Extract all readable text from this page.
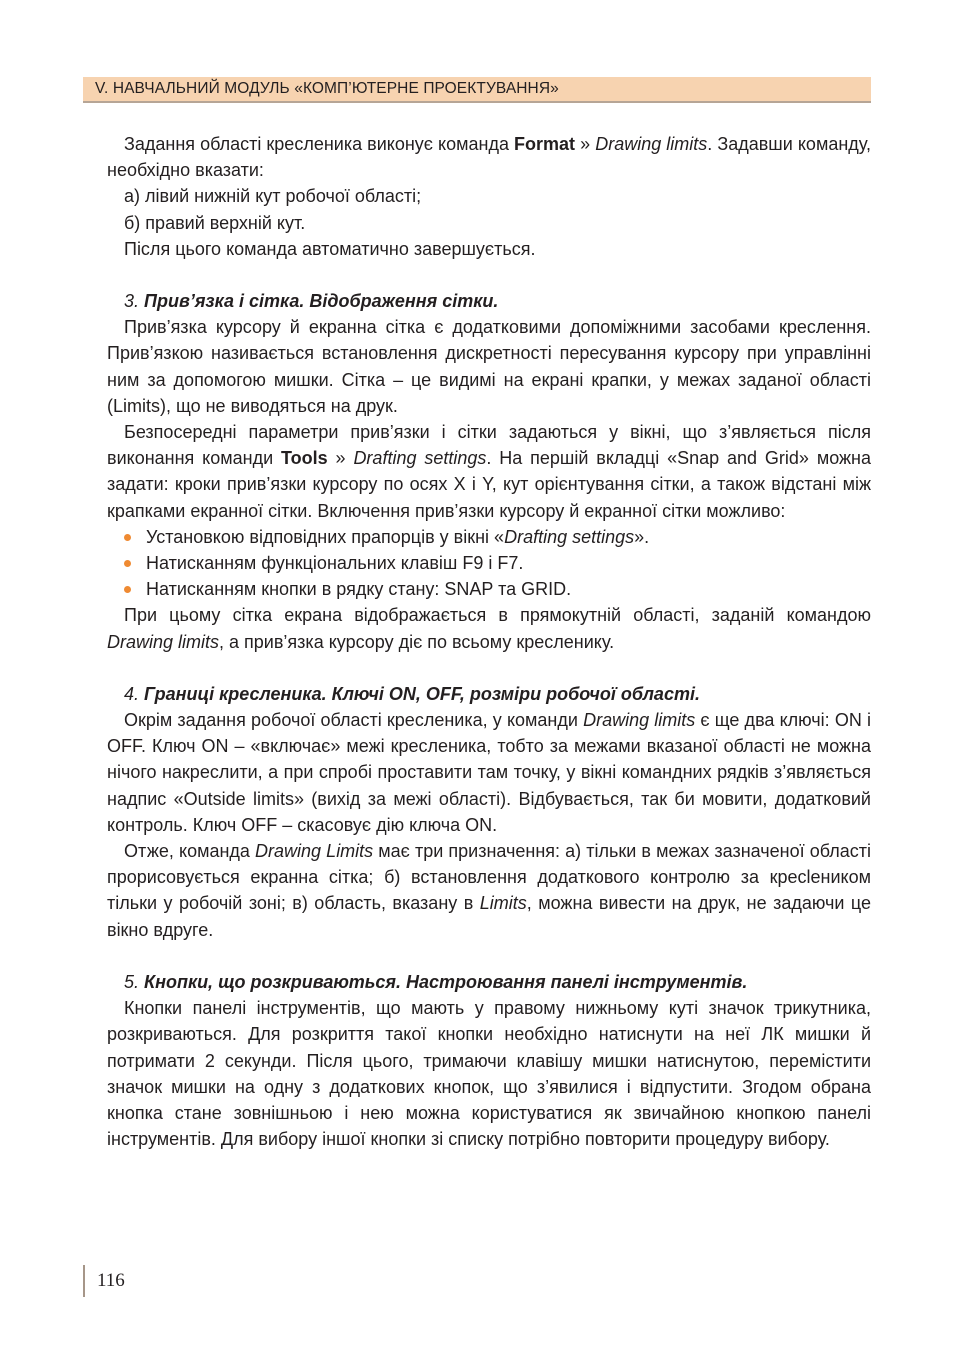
V. НАВЧАЛЬНИЙ МОДУЛЬ «КОМП’ЮТЕРНЕ ПРОЕКТУВАННЯ»

Задання області кресленика виконує команда Format » Drawing limits. Задавши команду, необхідно вказати:

а) лівий нижній кут робочої області;

б) правий верхній кут.

Після цього команда автоматично завершується.

3. Прив’язка і сітка. Відображення сітки.

Прив’язка курсору й екранна сітка є додатковими допоміжними засобами креслення. Прив’язкою називається встановлення дискретності пересування курсору при управлінні ним за допомогою мишки. Сітка – це видимі на екрані крапки, у межах заданої області (Limits), що не виводяться на друк.

Безпосередні параметри прив’язки і сітки задаються у вікні, що з’являється після виконання команди Tools » Drafting settings. На першій вкладці «Snap and Grid» можна задати: кроки прив’язки курсору по осях X і Y, кут орієнтування сітки, а також відстані між крапками екранної сітки. Включення прив’язки курсору й екранної сітки можливо:

Установкою відповідних прапорців у вікні «Drafting settings».
Натисканням функціональних клавіш F9 і F7.
Натисканням кнопки в рядку стану: SNAP та GRID.

При цьому сітка екрана відображається в прямокутній області, заданій командою Drawing limits, а прив’язка курсору діє по всьому кресленику.

4. Границі кресленика. Ключі ON, OFF, розміри робочої області.

Окрім задання робочої області кресленика, у команди Drawing limits є ще два ключі: ON і OFF. Ключ ON – «включає» межі кресленика, тобто за межами вказаної області не можна нічого накреслити, а при спробі проставити там точку, у вікні командних рядків з’являється надпис «Outside limits» (вихід за межі області). Відбувається, так би мовити, додатковий контроль. Ключ OFF – скасовує дію ключа ON.

Отже, команда Drawing Limits має три призначення: а) тільки в межах зазначеної області прорисовується екранна сітка; б) встановлення додаткового контролю за кресleником тільки у робочій зоні; в) область, вказану в Limits, можна вивести на друк, не задаючи це вікно вдруге.

5. Кнопки, що розкриваються. Настроювання панелі інструментів.

Кнопки панелі інструментів, що мають у правому нижньому куті значок трикутника, розкриваються. Для розкриття такої кнопки необхідно натиснути на неї ЛК мишки й потримати 2 секунди. Після цього, тримаючи клавішу мишки натиснутою, перемістити значок мишки на одну з додаткових кнопок, що з’явилися і відпустити. Згодом обрана кнопка стане зовнішньою і нею можна користуватися як звичайною кнопкою панелі інструментів. Для вибору іншої кнопки зі списку потрібно повторити процедуру вибору.

116
